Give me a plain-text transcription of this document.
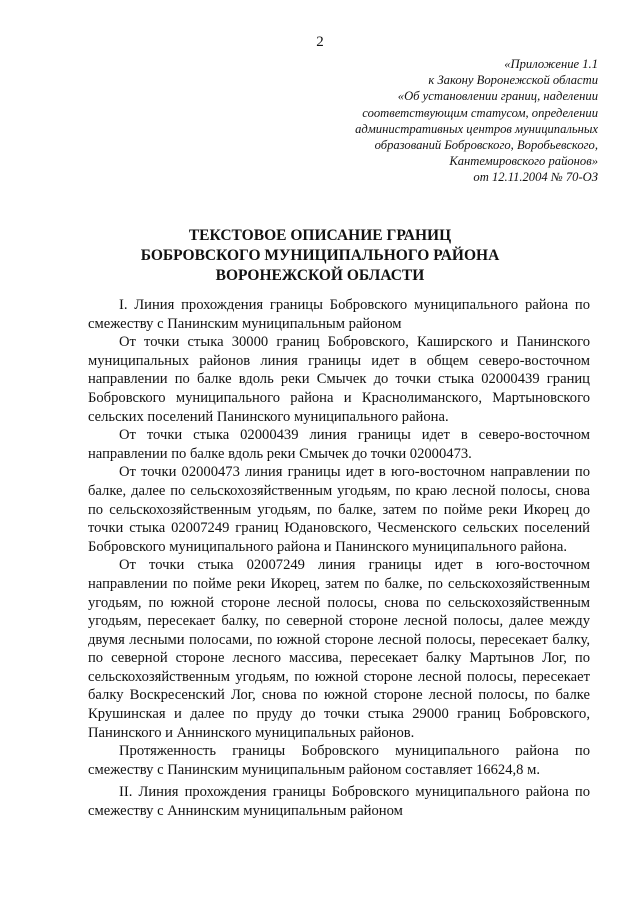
2
«Приложение 1.1
к Закону Воронежской области
«Об установлении границ, наделении
соответствующим статусом, определении
административных центров муниципальных
образований Бобровского, Воробьевского,
Кантемировского районов»
от 12.11.2004 № 70-ОЗ
ТЕКСТОВОЕ ОПИСАНИЕ ГРАНИЦ
БОБРОВСКОГО МУНИЦИПАЛЬНОГО РАЙОНА
ВОРОНЕЖСКОЙ ОБЛАСТИ

I. Линия прохождения границы Бобровского муниципального района по смежеству с Панинским муниципальным районом

От точки стыка 30000 границ Бобровского, Каширского и Панинского муниципальных районов линия границы идет в общем северо-восточном направлении по балке вдоль реки Смычек до точки стыка 02000439 границ Бобровского муниципального района и Краснолиманского, Мартыновского сельских поселений Панинского муниципального района.

От точки стыка 02000439 линия границы идет в северо-восточном направлении по балке вдоль реки Смычек до точки 02000473.

От точки 02000473 линия границы идет в юго-восточном направлении по балке, далее по сельскохозяйственным угодьям, по краю лесной полосы, снова по сельскохозяйственным угодьям, по балке, затем по пойме реки Икорец до точки стыка 02007249 границ Юдановского, Чесменского сельских поселений Бобровского муниципального района и Панинского муниципального района.

От точки стыка 02007249 линия границы идет в юго-восточном направлении по пойме реки Икорец, затем по балке, по сельскохозяйственным угодьям, по южной стороне лесной полосы, снова по сельскохозяйственным угодьям, пересекает балку, по северной стороне лесной полосы, далее между двумя лесными полосами, по южной стороне лесной полосы, пересекает балку, по северной стороне лесного массива, пересекает балку Мартынов Лог, по сельскохозяйственным угодьям, по южной стороне лесной полосы, пересекает балку Воскресенский Лог, снова по южной стороне лесной полосы, по балке Крушинская и далее по пруду до точки стыка 29000 границ Бобровского, Панинского и Аннинского муниципальных районов.

Протяженность границы Бобровского муниципального района по смежеству с Панинским муниципальным районом составляет 16624,8 м.

II. Линия прохождения границы Бобровского муниципального района по смежеству с Аннинским муниципальным районом
